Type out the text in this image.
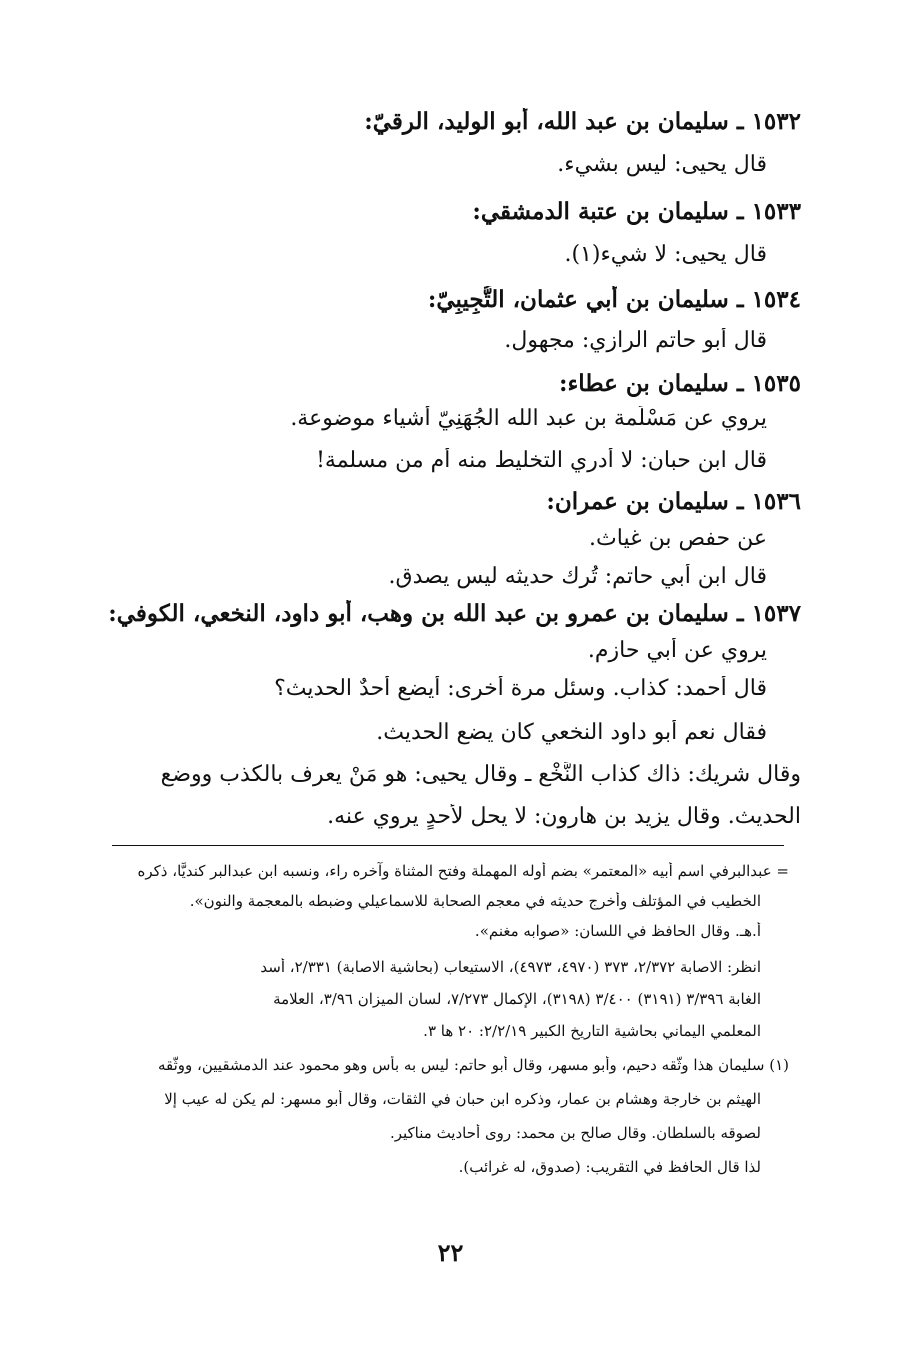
١٥٣٢ ـ سليمان بن عبد الله، أبو الوليد، الرقيّ:
قال يحيى: ليس بشيء.
١٥٣٣ ـ سليمان بن عتبة الدمشقي:
قال يحيى: لا شيء(١).
١٥٣٤ ـ سليمان بن أبي عثمان، التُّجِيبِيّ:
قال أبو حاتم الرازي: مجهول.
١٥٣٥ ـ سليمان بن عطاء:
يروي عن مَسْلَمة بن عبد الله الجُهَنِيّ أشياء موضوعة.
قال ابن حبان: لا أدري التخليط منه أم من مسلمة!
١٥٣٦ ـ سليمان بن عمران:
عن حفص بن غياث.
قال ابن أبي حاتم: تُرك حديثه ليس يصدق.
١٥٣٧ ـ سليمان بن عمرو بن عبد الله بن وهب، أبو داود، النخعي، الكوفي:
يروي عن أبي حازم.
قال أحمد: كذاب. وسئل مرة أخرى: أيضع أحدٌ الحديث؟
فقال نعم أبو داود النخعي كان يضع الحديث.
وقال شريك: ذاك كذاب النَّخْع ـ وقال يحيى: هو مَنْ يعرف بالكذب ووضع
الحديث. وقال يزيد بن هارون: لا يحل لأحدٍ يروي عنه.
= عبدالبرفي اسم أبيه «المعتمر» بضم أوله المهملة وفتح المثناة وآخره راء، ونسبه ابن عبدالبر كنديًّا، ذكره
الخطيب في المؤتلف وأخرج حديثه في معجم الصحابة للاسماعيلي وضبطه بالمعجمة والنون».
أ.هـ. وقال الحافظ في اللسان: «صوابه مغنم».
انظر: الاصابة ٢/٣٧٢، ٣٧٣ (٤٩٧٠، ٤٩٧٣)، الاستيعاب (بحاشية الاصابة) ٢/٣٣١، أسد
الغابة ٣/٣٩٦ (٣١٩١) ٣/٤٠٠ (٣١٩٨)، الإكمال ٧/٢٧٣، لسان الميزان ٣/٩٦، العلامة
المعلمي اليماني بحاشية التاريخ الكبير ٢/٢/١٩: ٢٠ ها ٣.
(١) سليمان هذا وثّقه دحيم، وأبو مسهر، وقال أبو حاتم: ليس به بأس وهو محمود عند الدمشقيين، ووثّقه
الهيثم بن خارجة وهشام بن عمار، وذكره ابن حبان في الثقات، وقال أبو مسهر: لم يكن له عيب إلا
لصوقه بالسلطان. وقال صالح بن محمد: روى أحاديث مناكير.
لذا قال الحافظ في التقريب: (صدوق، له غرائب).
٢٢
